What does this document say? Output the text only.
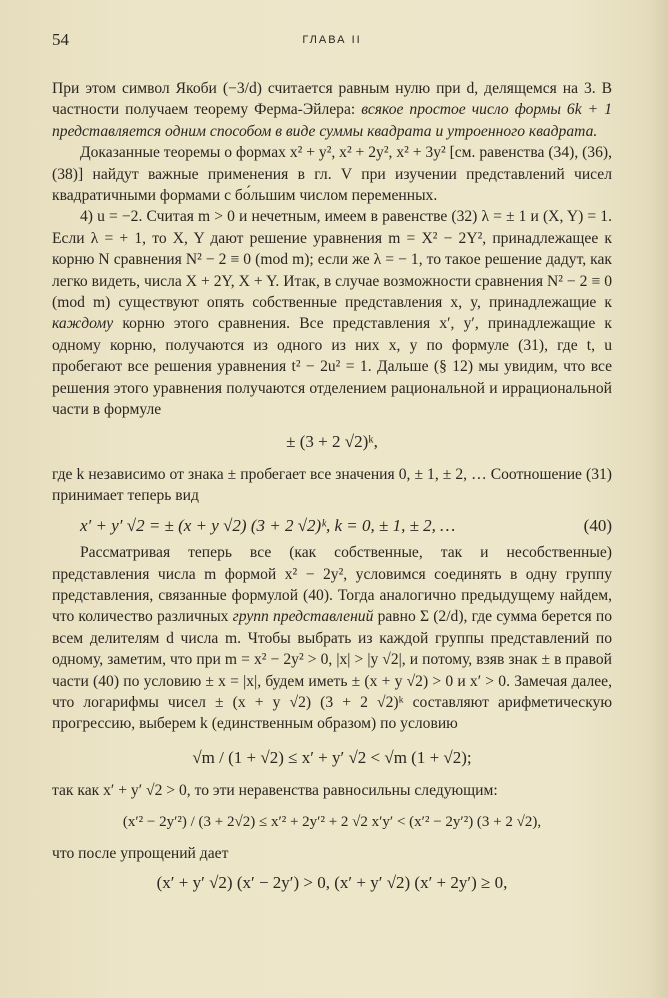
54	ГЛАВА II

При этом символ Якоби (−3/d) считается равным нулю при d, делящемся на 3. В частности получаем теорему Ферма-Эйлера: всякое простое число формы 6k + 1 представляется одним способом в виде суммы квадрата и утроенного квадрата.

Доказанные теоремы о формах x² + y², x² + 2y², x² + 3y² [см. равенства (34), (36), (38)] найдут важные применения в гл. V при изучении представлений чисел квадратичными формами с бо́льшим числом переменных.

4) u = −2. Считая m > 0 и нечетным, имеем в равенстве (32) λ = ± 1 и (X, Y) = 1. Если λ = + 1, то X, Y дают решение уравнения m = X² − 2Y², принадлежащее к корню N сравнения N² − 2 ≡ 0 (mod m); если же λ = − 1, то такое решение дадут, как легко видеть, числа X + 2Y, X + Y. Итак, в случае возможности сравнения N² − 2 ≡ 0 (mod m) существуют опять собственные представления x, y, принадлежащие к каждому корню этого сравнения. Все представления x′, y′, принадлежащие к одному корню, получаются из одного из них x, y по формуле (31), где t, u пробегают все решения уравнения t² − 2u² = 1. Дальше (§ 12) мы увидим, что все решения этого уравнения получаются отделением рациональной и иррациональной части в формуле

± (3 + 2 √2)ᵏ,

где k независимо от знака ± пробегает все значения 0, ± 1, ± 2, … Соотношение (31) принимает теперь вид

x′ + y′ √2 = ± (x + y √2) (3 + 2 √2)ᵏ, k = 0, ± 1, ± 2, …	(40)

Рассматривая теперь все (как собственные, так и несобственные) представления числа m формой x² − 2y², условимся соединять в одну группу представления, связанные формулой (40). Тогда аналогично предыдущему найдем, что количество различных групп представлений равно Σ (2/d), где сумма берется по всем делителям d числа m. Чтобы выбрать из каждой группы представлений по одному, заметим, что при m = x² − 2y² > 0, |x| > |y √2|, и потому, взяв знак ± в правой части (40) по условию ± x = |x|, будем иметь ± (x + y √2) > 0 и x′ > 0. Замечая далее, что логарифмы чисел ± (x + y √2) (3 + 2 √2)ᵏ составляют арифметическую прогрессию, выберем k (единственным образом) по условию

√m / (1 + √2) ≤ x′ + y′ √2 < √m (1 + √2);

так как x′ + y′ √2 > 0, то эти неравенства равносильны следующим:

(x′² − 2y′²) / (3 + 2√2) ≤ x′² + 2y′² + 2 √2 x′y′ < (x′² − 2y′²) (3 + 2 √2),

что после упрощений дает

(x′ + y′ √2) (x′ − 2y′) > 0, (x′ + y′ √2) (x′ + 2y′) ≥ 0,
